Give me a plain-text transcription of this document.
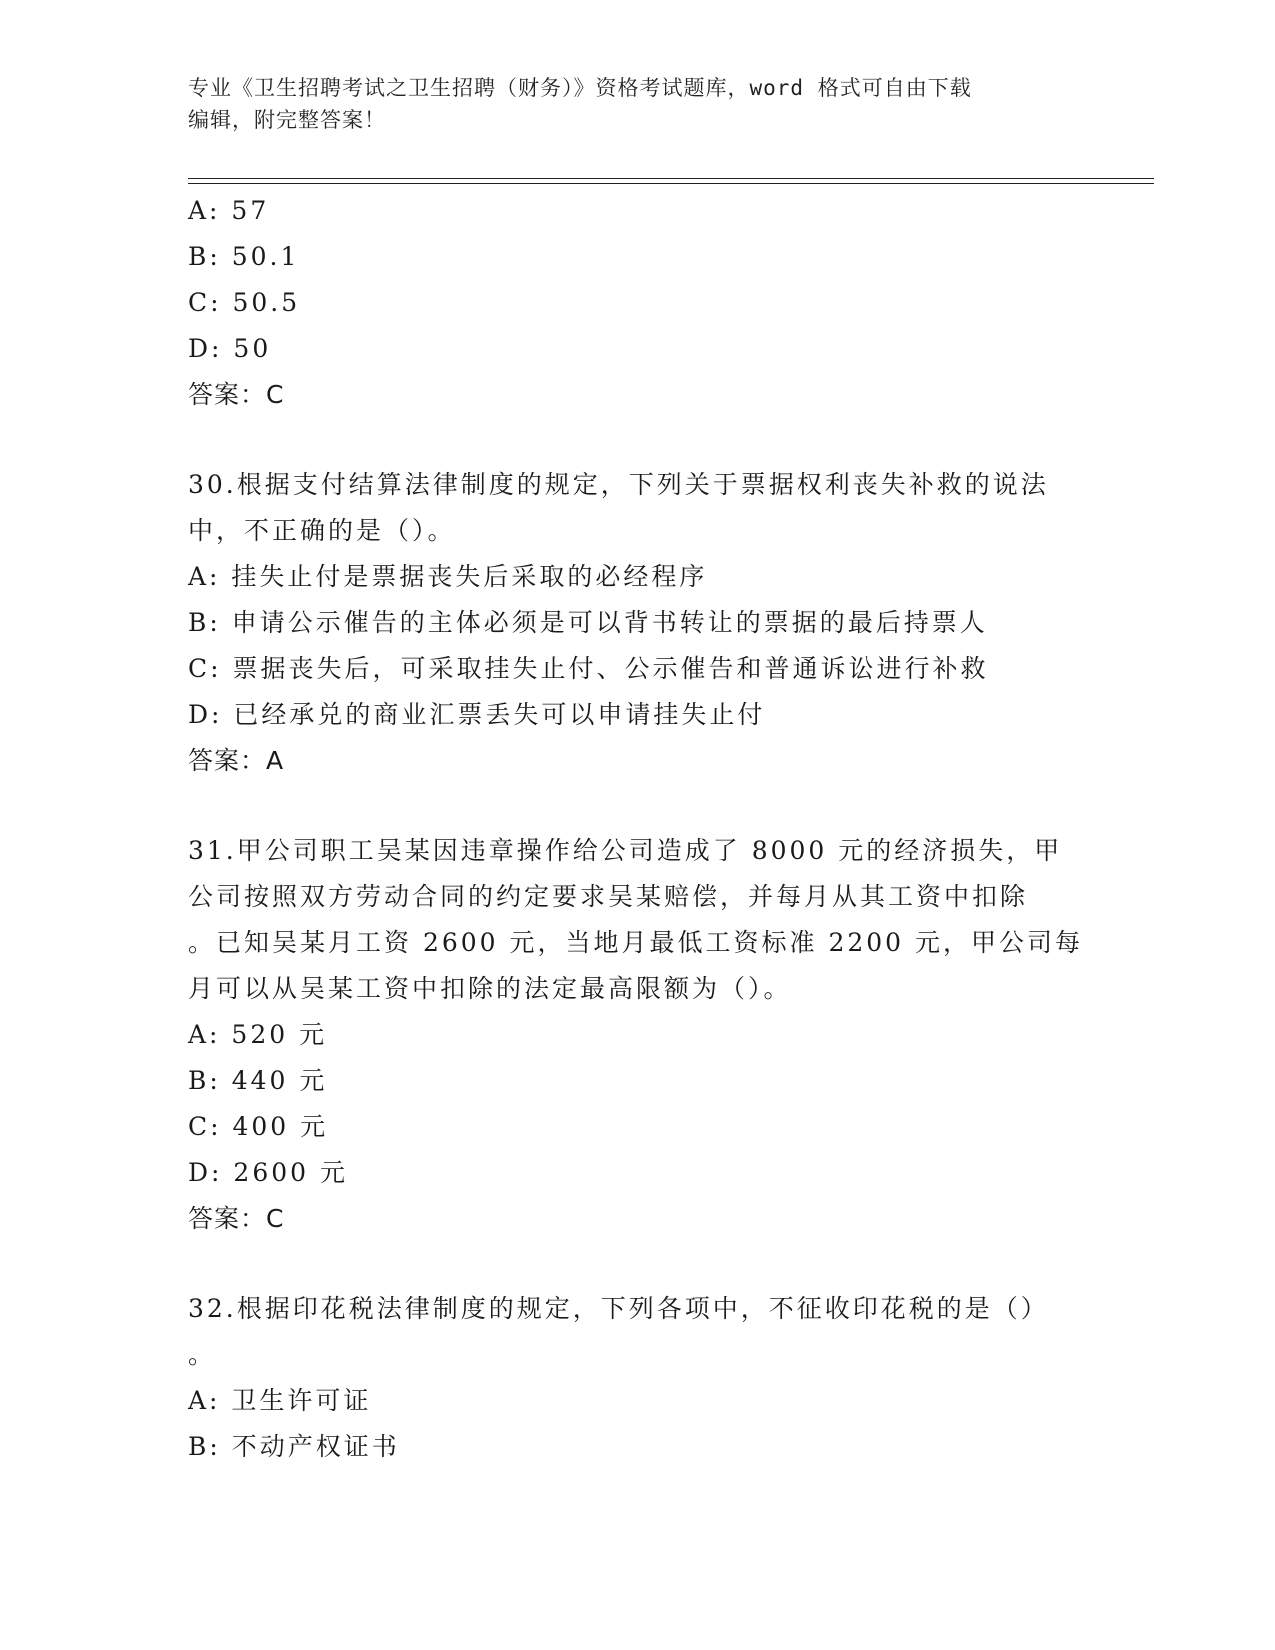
专业《卫生招聘考试之卫生招聘（财务）》资格考试题库，word 格式可自由下载
编辑，附完整答案！
A: 57
B: 50.1
C: 50.5
D: 50
答案：C
30.根据支付结算法律制度的规定，下列关于票据权利丧失补救的说法中，不正确的是（）。
A: 挂失止付是票据丧失后采取的必经程序
B: 申请公示催告的主体必须是可以背书转让的票据的最后持票人
C: 票据丧失后，可采取挂失止付、公示催告和普通诉讼进行补救
D: 已经承兑的商业汇票丢失可以申请挂失止付
答案：A
31.甲公司职工吴某因违章操作给公司造成了 8000 元的经济损失，甲
公司按照双方劳动合同的约定要求吴某赔偿，并每月从其工资中扣除
。已知吴某月工资 2600 元，当地月最低工资标准 2200 元，甲公司每
月可以从吴某工资中扣除的法定最高限额为（）。
A: 520 元
B: 440 元
C: 400 元
D: 2600 元
答案：C
32.根据印花税法律制度的规定，下列各项中，不征收印花税的是（）
。
A: 卫生许可证
B: 不动产权证书
